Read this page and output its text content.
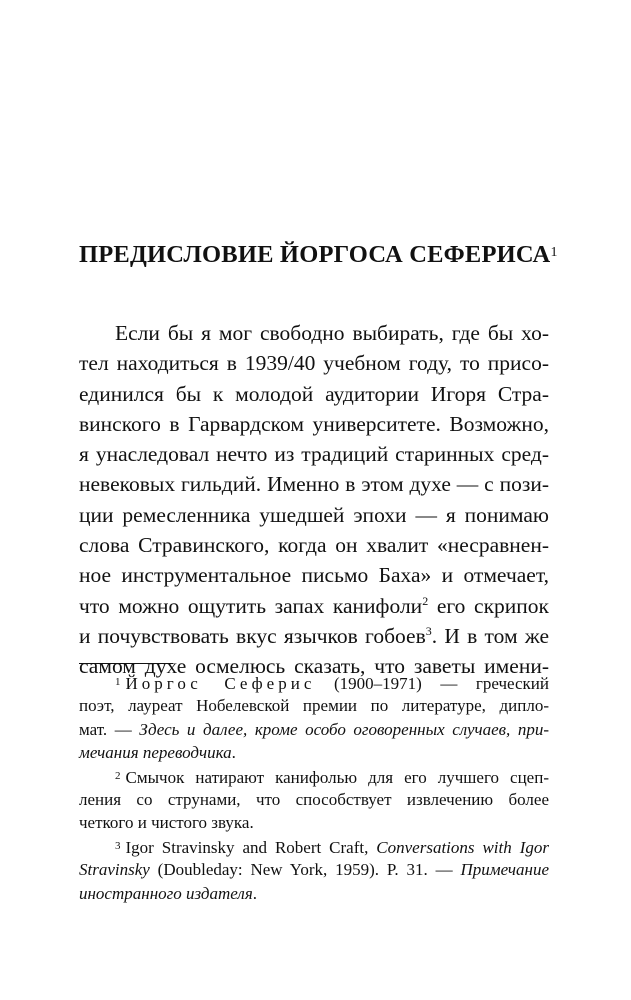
ПРЕДИСЛОВИЕ ЙОРГОСА СЕФЕРИСА$^1$
Если бы я мог свободно выбирать, где бы хо-
тел находиться в 1939/40 учебном году, то присо-
единился бы к молодой аудитории Игоря Стра-
винского в Гарвардском университете. Возможно,
я унаследовал нечто из традиций старинных сред-
невековых гильдий. Именно в этом духе — с пози-
ции ремесленника ушедшей эпохи — я понимаю
слова Стравинского, когда он хвалит «несравнен-
ное инструментальное письмо Баха» и отмечает,
что можно ощутить запах канифоли$^2$ его скрипок
и почувствовать вкус язычков гобоев$^3$. И в том же
самом духе осмелюсь сказать, что заветы имени-
$^1$ Йоргос Сеферис (1900–1971) — греческий
поэт, лауреат Нобелевской премии по литературе, дипло-
мат. — Здесь и далее, кроме особо оговоренных случаев, при-
мечания переводчика.
$^2$ Смычок натирают канифолью для его лучшего сцеп-
ления со струнами, что способствует извлечению более
четкого и чистого звука.
$^3$ Igor Stravinsky and Robert Craft, Conversations with Igor
Stravinsky (Doubleday: New York, 1959). P. 31. — Примечание
иностранного издателя.
